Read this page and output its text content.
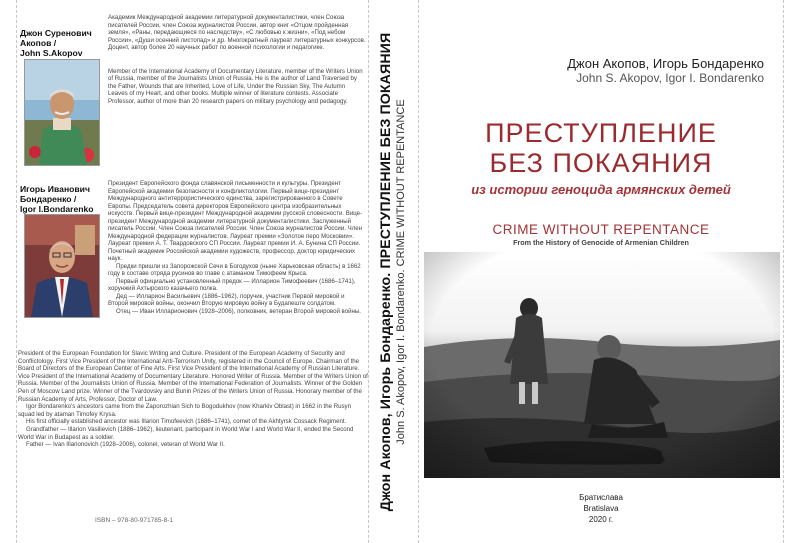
Джон Суренович
Акопов /
John S.Akopov

Академик Международной академии литературной документалистики, член Союза писателей России, член Союза журналистов России, автор книг «Отцом пройденная земля», «Раны, передающиеся по наследству», «С любовью к жизни», «Под небом России», «Души осенний листопад» и др. Многократный лауреат литературных конкурсов. Доцент, автор более 20 научных работ по военной психологии и педагогике.

Member of the International Academy of Documentary Literature, member of the Writers Union of Russia, member of the Journalists Union of Russia. He is the author of Land Traversed by the Father, Wounds that are Inherited, Love of Life, Under the Russian Sky, The Autumn Leaves of my Heart, and other books. Multiple winner of literature contests. Associate Professor, author of more than 20 research papers on military psychology and pedagogy.

Игорь Иванович
Бондаренко /
Igor I.Bondarenko

Президент Европейского фонда славянской письменности и культуры. Президент Европейской академии безопасности и конфликтологии. Первый вице-президент Международного антитеррористического единства, зарегистрированного в Совете Европы. Председатель совета директоров Европейского центра изобразительных искусств. Первый вице-президент Международной академии русской словесности. Вице-президент Международной академии литературной документалистики. Заслуженный писатель России. Член Союза писателей России. Член Союза журналистов России. Член Международной федерации журналистов. Лауреат премии «Золотое перо Московии». Лауреат премии А. Т. Твардовского СП России. Лауреат премии И. А. Бунина СП России. Почетный академик Российской академии художеств, профессор, доктор юридических наук.

Предки пришли из Запорожской Сечи в Богодухов (ныне Харьковская область) в 1662 году в составе отряда русинов во главе с атаманом Тимофеем Крыса.

Первый официально установленный предок — Илларион Тимофеевич (1686–1741), хорунжий Ахтырского казачьего полка.

Дед — Илларион Васильевич (1886–1962), поручик, участник Первой мировой и Второй мировой войны, окончил Вторую мировую войну в Будапеште солдатом.

Отец — Иван Илларионович (1928–2006), полковник, ветеран Второй мировой войны.

President of the European Foundation for Slavic Writing and Culture. President of the European Academy of Security and Conflictology. First Vice President of the International Anti-Terrorism Unity, registered in the Council of Europe. Chairman of the Board of Directors of the European Center of Fine Arts. First Vice President of the International Academy of Russian Literature. Vice President of the International Academy of Documentary Literature. Honored Writer of Russia. Member of the Writers Union of Russia. Member of the Journalists Union of Russia. Member of the International Federation of Journalists. Winner of the Golden Pen of Moscow Land prize. Winner of the Tvardovsky and Bunin Prizes of the Writers Union of Russia. Honorary member of the Russian Academy of Arts, Professor, Doctor of Law.

Igor Bondarenko's ancestors came from the Zaporozhian Sich to Bogodukhov (now Kharkiv Oblast) in 1662 in the Rusyn squad led by ataman Timofey Krysa.

His first officially established ancestor was Illarion Timofeevich (1686–1741), cornet of the Akhtyrsk Cossack Regiment.

Grandfather — Illarion Vasilievich (1886–1962), lieutenant, participant in World War I and World War II, ended the Second World War in Budapest as a soldier.

Father — Ivan Illarionovich (1928–2006), colonel, veteran of World War II.

ISBN – 978-80-971785-8-1
Джон Акопов, Игорь Бондаренко. ПРЕСТУПЛЕНИЕ БЕЗ ПОКАЯНИЯ John S. Akopov, Igor I. Bondarenko. CRIME WITHOUT REPENTANCE
Джон Акопов, Игорь Бондаренко
John S. Akopov, Igor I. Bondarenko
ПРЕСТУПЛЕНИЕ
БЕЗ ПОКАЯНИЯ
из истории геноцида армянских детей
CRIME WITHOUT REPENTANCE
From the History of Genocide of Armenian Children
Братислава
Bratislava
2020 г.
